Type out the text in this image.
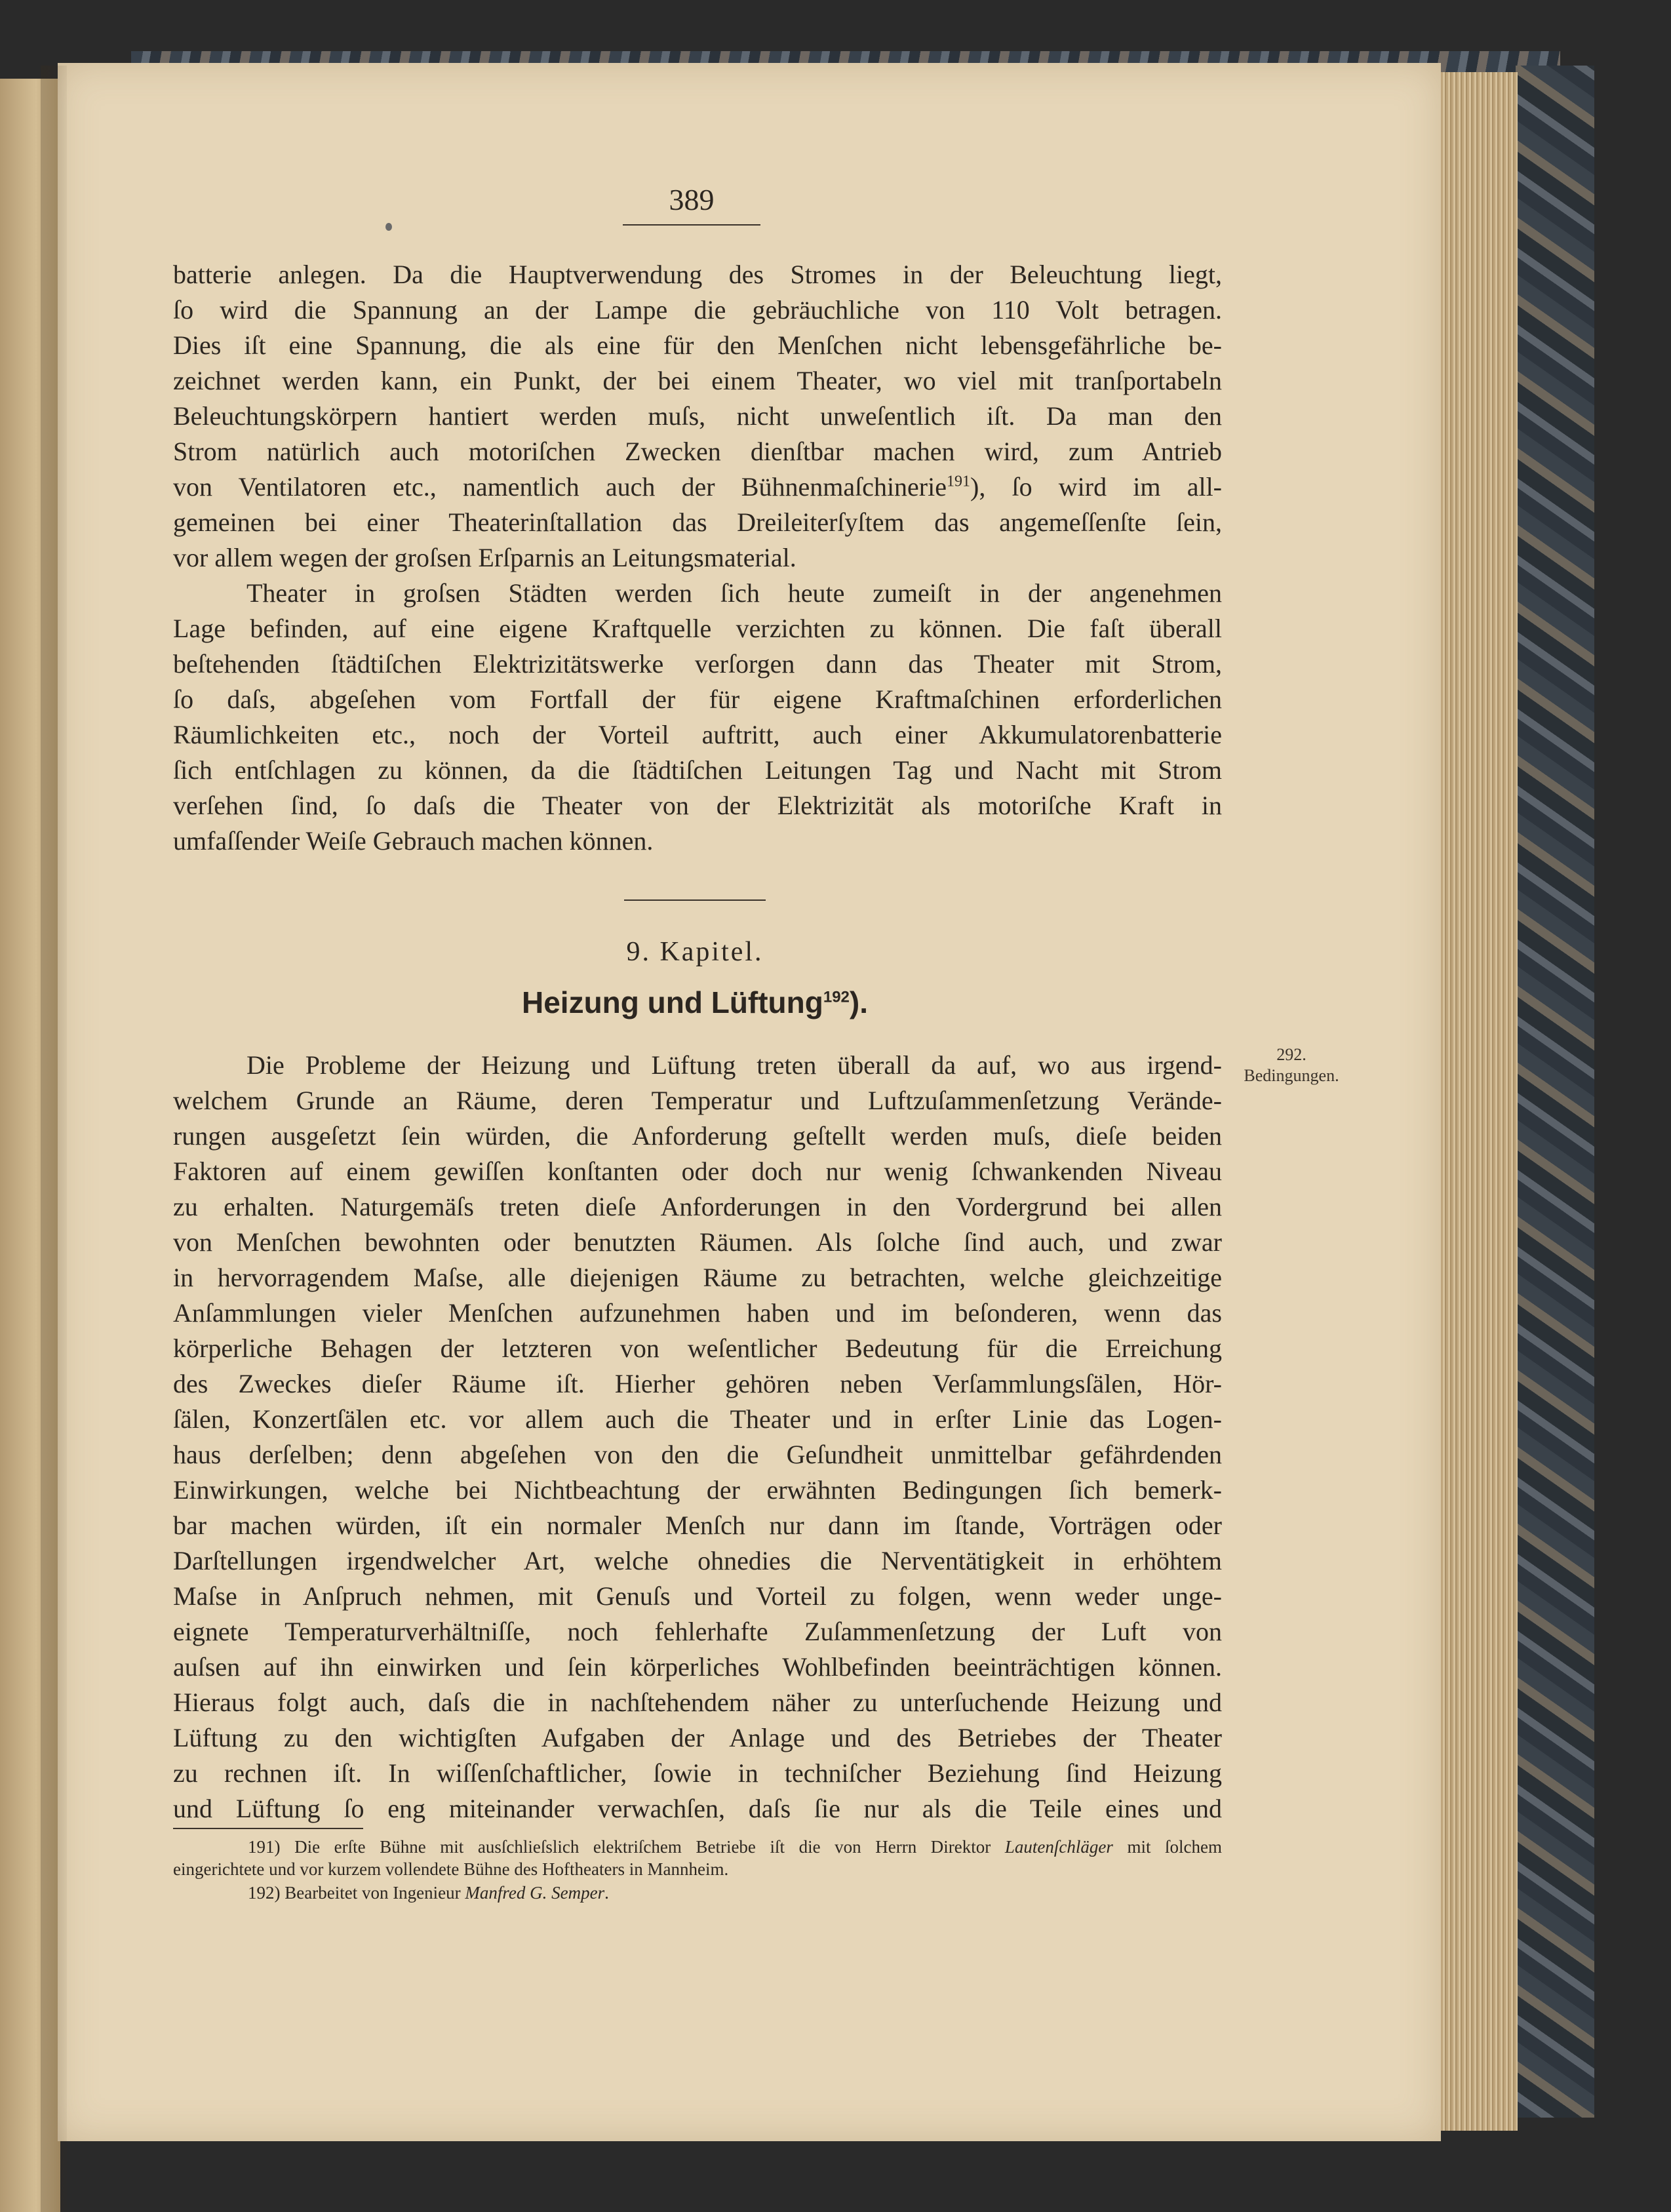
389
batterie anlegen. Da die Hauptverwendung des Stromes in der Beleuchtung liegt,
ſo wird die Spannung an der Lampe die gebräuchliche von 110 Volt betragen.
Dies iſt eine Spannung, die als eine für den Menſchen nicht lebensgefährliche be-
zeichnet werden kann, ein Punkt, der bei einem Theater, wo viel mit tranſportabeln
Beleuchtungskörpern hantiert werden muſs, nicht unweſentlich iſt. Da man den
Strom natürlich auch motoriſchen Zwecken dienſtbar machen wird, zum Antrieb
von Ventilatoren etc., namentlich auch der Bühnenmaſchinerie$^{191}$), ſo wird im all-
gemeinen bei einer Theaterinſtallation das Dreileiterſyſtem das angemeſſenſte ſein,
vor allem wegen der groſsen Erſparnis an Leitungsmaterial.
Theater in groſsen Städten werden ſich heute zumeiſt in der angenehmen
Lage befinden, auf eine eigene Kraftquelle verzichten zu können. Die faſt überall
beſtehenden ſtädtiſchen Elektrizitätswerke verſorgen dann das Theater mit Strom,
ſo daſs, abgeſehen vom Fortfall der für eigene Kraftmaſchinen erforderlichen
Räumlichkeiten etc., noch der Vorteil auftritt, auch einer Akkumulatorenbatterie
ſich entſchlagen zu können, da die ſtädtiſchen Leitungen Tag und Nacht mit Strom
verſehen ſind, ſo daſs die Theater von der Elektrizität als motoriſche Kraft in
umfaſſender Weiſe Gebrauch machen können.
9. Kapitel.
Heizung und Lüftung$^{192}$).
292.
Bedingungen.
Die Probleme der Heizung und Lüftung treten überall da auf, wo aus irgend-
welchem Grunde an Räume, deren Temperatur und Luftzuſammenſetzung Verände-
rungen ausgeſetzt ſein würden, die Anforderung geſtellt werden muſs, dieſe beiden
Faktoren auf einem gewiſſen konſtanten oder doch nur wenig ſchwankenden Niveau
zu erhalten. Naturgemäſs treten dieſe Anforderungen in den Vordergrund bei allen
von Menſchen bewohnten oder benutzten Räumen. Als ſolche ſind auch, und zwar
in hervorragendem Maſse, alle diejenigen Räume zu betrachten, welche gleichzeitige
Anſammlungen vieler Menſchen aufzunehmen haben und im beſonderen, wenn das
körperliche Behagen der letzteren von weſentlicher Bedeutung für die Erreichung
des Zweckes dieſer Räume iſt. Hierher gehören neben Verſammlungsſälen, Hör-
ſälen, Konzertſälen etc. vor allem auch die Theater und in erſter Linie das Logen-
haus derſelben; denn abgeſehen von den die Geſundheit unmittelbar gefährdenden
Einwirkungen, welche bei Nichtbeachtung der erwähnten Bedingungen ſich bemerk-
bar machen würden, iſt ein normaler Menſch nur dann im ſtande, Vorträgen oder
Darſtellungen irgendwelcher Art, welche ohnedies die Nerventätigkeit in erhöhtem
Maſse in Anſpruch nehmen, mit Genuſs und Vorteil zu folgen, wenn weder unge-
eignete Temperaturverhältniſſe, noch fehlerhafte Zuſammenſetzung der Luft von
auſsen auf ihn einwirken und ſein körperliches Wohlbefinden beeinträchtigen können.
Hieraus folgt auch, daſs die in nachſtehendem näher zu unterſuchende Heizung und
Lüftung zu den wichtigſten Aufgaben der Anlage und des Betriebes der Theater
zu rechnen iſt. In wiſſenſchaftlicher, ſowie in techniſcher Beziehung ſind Heizung
und Lüftung ſo eng miteinander verwachſen, daſs ſie nur als die Teile eines und
191) Die erſte Bühne mit ausſchlieſslich elektriſchem Betriebe iſt die von Herrn Direktor Lautenſchläger mit ſolchem
eingerichtete und vor kurzem vollendete Bühne des Hoftheaters in Mannheim.
192) Bearbeitet von Ingenieur Manfred G. Semper.
